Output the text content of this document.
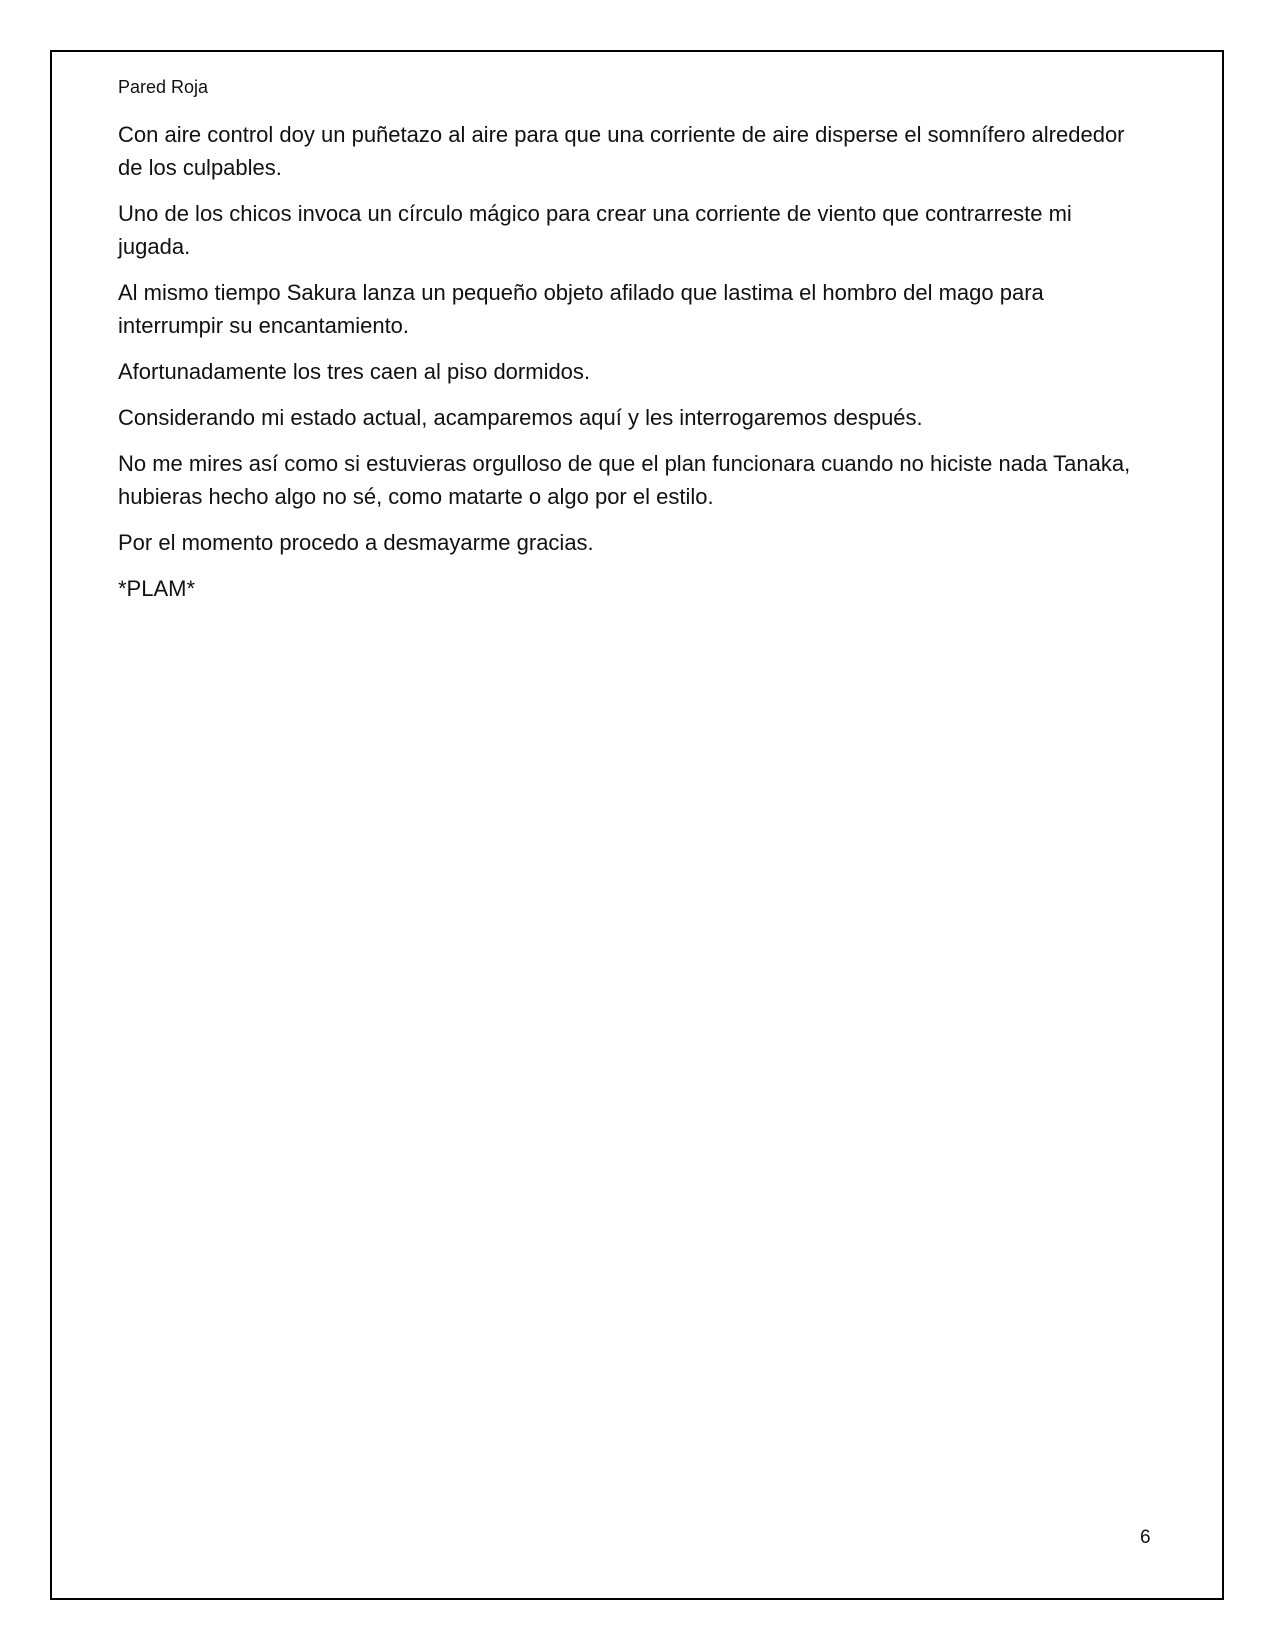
Pared Roja

Con aire control doy un puñetazo al aire para que una corriente de aire disperse el somnífero alrededor de los culpables.

Uno de los chicos invoca un círculo mágico para crear una corriente de viento que contrarreste mi jugada.

Al mismo tiempo Sakura lanza un pequeño objeto afilado que lastima el hombro del mago para interrumpir su encantamiento.

Afortunadamente los tres caen al piso dormidos.

Considerando mi estado actual, acamparemos aquí y les interrogaremos después.

No me mires así como si estuvieras orgulloso de que el plan funcionara cuando no hiciste nada Tanaka, hubieras hecho algo no sé, como matarte o algo por el estilo.

Por el momento procedo a desmayarme gracias.

*PLAM*

6
